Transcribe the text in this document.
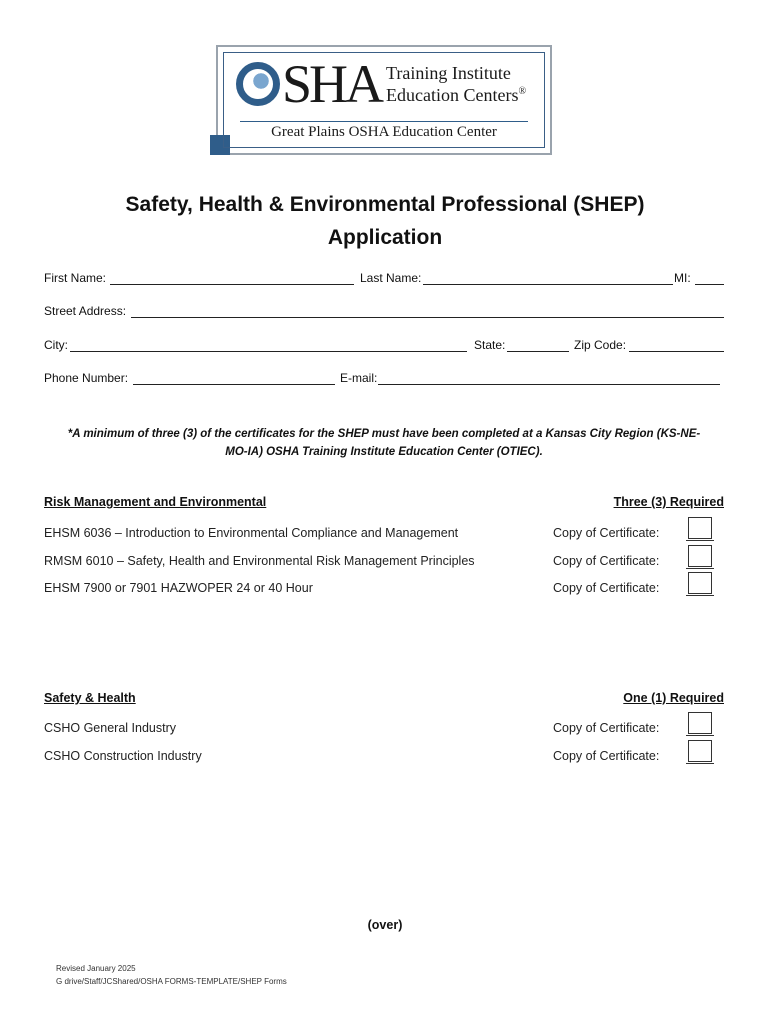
SHA Training Institute
Education Centers®
Great Plains OSHA Education Center
Safety, Health & Environmental Professional (SHEP)
Application
First Name:	Last Name:	MI:
Street Address:
City:	State:	Zip Code:
Phone Number:	E-mail:
*A minimum of three (3) of the certificates for the SHEP must have been completed at a Kansas City Region (KS-NE-
MO-IA) OSHA Training Institute Education Center (OTIEC).
Risk Management and Environmental	Three (3) Required
EHSM 6036 – Introduction to Environmental Compliance and Management	Copy of Certificate:
RMSM 6010 – Safety, Health and Environmental Risk Management Principles	Copy of Certificate:
EHSM 7900 or 7901 HAZWOPER 24 or 40 Hour	Copy of Certificate:
Safety & Health	One (1) Required
CSHO General Industry	Copy of Certificate:
CSHO Construction Industry	Copy of Certificate:
(over)
Revised January 2025
G drive/Staff/JCShared/OSHA FORMS-TEMPLATE/SHEP Forms
